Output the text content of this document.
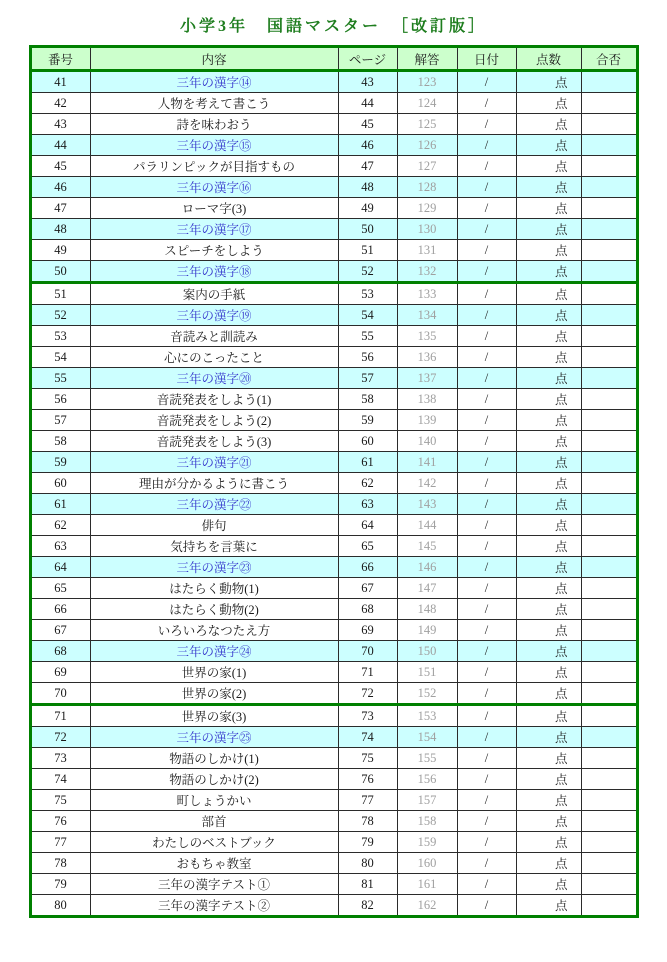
小学3年　国語マスター　［改訂版］
番号	内容	ページ	解答	日付	点数	合否
41	三年の漢字⑭	43	123	/	点	
42	人物を考えて書こう	44	124	/	点	
43	詩を味わおう	45	125	/	点	
44	三年の漢字⑮	46	126	/	点	
45	パラリンピックが目指すもの	47	127	/	点	
46	三年の漢字⑯	48	128	/	点	
47	ローマ字(3)	49	129	/	点	
48	三年の漢字⑰	50	130	/	点	
49	スピーチをしよう	51	131	/	点	
50	三年の漢字⑱	52	132	/	点	
51	案内の手紙	53	133	/	点	
52	三年の漢字⑲	54	134	/	点	
53	音読みと訓読み	55	135	/	点	
54	心にのこったこと	56	136	/	点	
55	三年の漢字⑳	57	137	/	点	
56	音読発表をしよう(1)	58	138	/	点	
57	音読発表をしよう(2)	59	139	/	点	
58	音読発表をしよう(3)	60	140	/	点	
59	三年の漢字㉑	61	141	/	点	
60	理由が分かるように書こう	62	142	/	点	
61	三年の漢字㉒	63	143	/	点	
62	俳句	64	144	/	点	
63	気持ちを言葉に	65	145	/	点	
64	三年の漢字㉓	66	146	/	点	
65	はたらく動物(1)	67	147	/	点	
66	はたらく動物(2)	68	148	/	点	
67	いろいろなつたえ方	69	149	/	点	
68	三年の漢字㉔	70	150	/	点	
69	世界の家(1)	71	151	/	点	
70	世界の家(2)	72	152	/	点	
71	世界の家(3)	73	153	/	点	
72	三年の漢字㉕	74	154	/	点	
73	物語のしかけ(1)	75	155	/	点	
74	物語のしかけ(2)	76	156	/	点	
75	町しょうかい	77	157	/	点	
76	部首	78	158	/	点	
77	わたしのベストブック	79	159	/	点	
78	おもちゃ教室	80	160	/	点	
79	三年の漢字テスト①	81	161	/	点	
80	三年の漢字テスト②	82	162	/	点	
